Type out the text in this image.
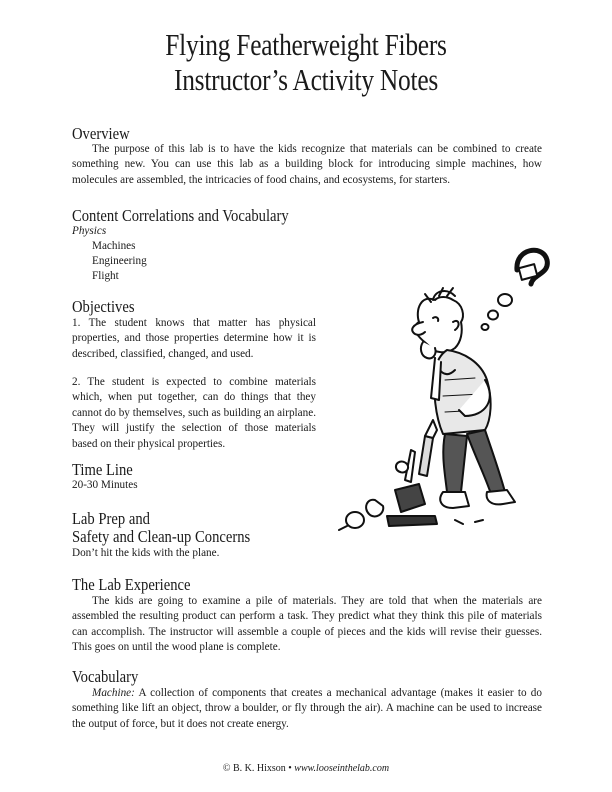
Flying Featherweight Fibers
Instructor’s Activity Notes
Overview
The purpose of this lab is to have the kids recognize that materials can be combined to create something new. You can use this lab as a building block for introducing simple machines, how molecules are assembled, the intricacies of food chains, and ecosystems, for starters.
Content Correlations and Vocabulary
Physics
Machines
Engineering
Flight
Objectives
1. The student knows that matter has physical properties, and those properties determine how it is described, classified, changed, and used.
2. The student is expected to combine materials which, when put together, can do things that they cannot do by themselves, such as building an airplane. They will justify the selection of those materials based on their physical properties.
Time Line
20-30 Minutes
Lab Prep and
Safety and Clean-up Concerns
Don’t hit the kids with the plane.
The Lab Experience
The kids are going to examine a pile of materials. They are told that when the materials are assembled the resulting product can perform a task. They predict what they think this pile of materials can accomplish. The instructor will assemble a couple of pieces and the kids will revise their guesses. This goes on until the wood plane is complete.
Vocabulary
Machine: A collection of components that creates a mechanical advantage (makes it easier to do something like lift an object, throw a boulder, or fly through the air). A machine can be used to increase the output of force, but it does not create energy.
© B. K. Hixson • www.looseinthelab.com
